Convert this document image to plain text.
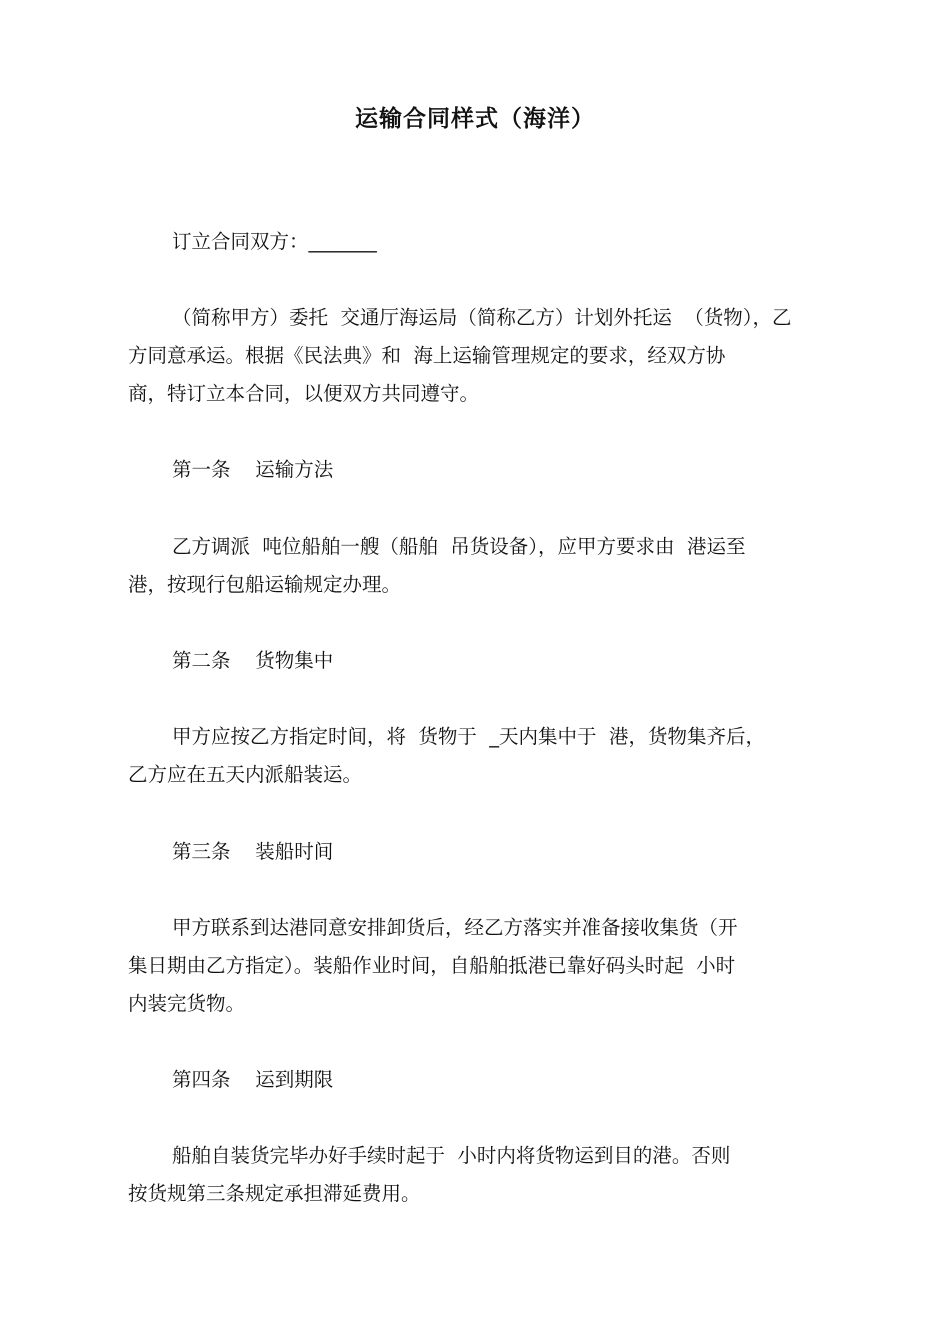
运输合同样式（海洋）
订立合同双方：_______
（简称甲方）委托  交通厅海运局（简称乙方）计划外托运  （货物），乙
方同意承运。根据《民法典》和  海上运输管理规定的要求，经双方协
商，特订立本合同，以便双方共同遵守。
第一条    运输方法
乙方调派  吨位船舶一艘（船舶  吊货设备），应甲方要求由  港运至
港，按现行包船运输规定办理。
第二条    货物集中
甲方应按乙方指定时间，将  货物于  _天内集中于  港，货物集齐后，
乙方应在五天内派船装运。
第三条    装船时间
甲方联系到达港同意安排卸货后，经乙方落实并准备接收集货（开
集日期由乙方指定）。装船作业时间，自船舶抵港已靠好码头时起  小时
内装完货物。
第四条    运到期限
船舶自装货完毕办好手续时起于  小时内将货物运到目的港。否则
按货规第三条规定承担滞延费用。
